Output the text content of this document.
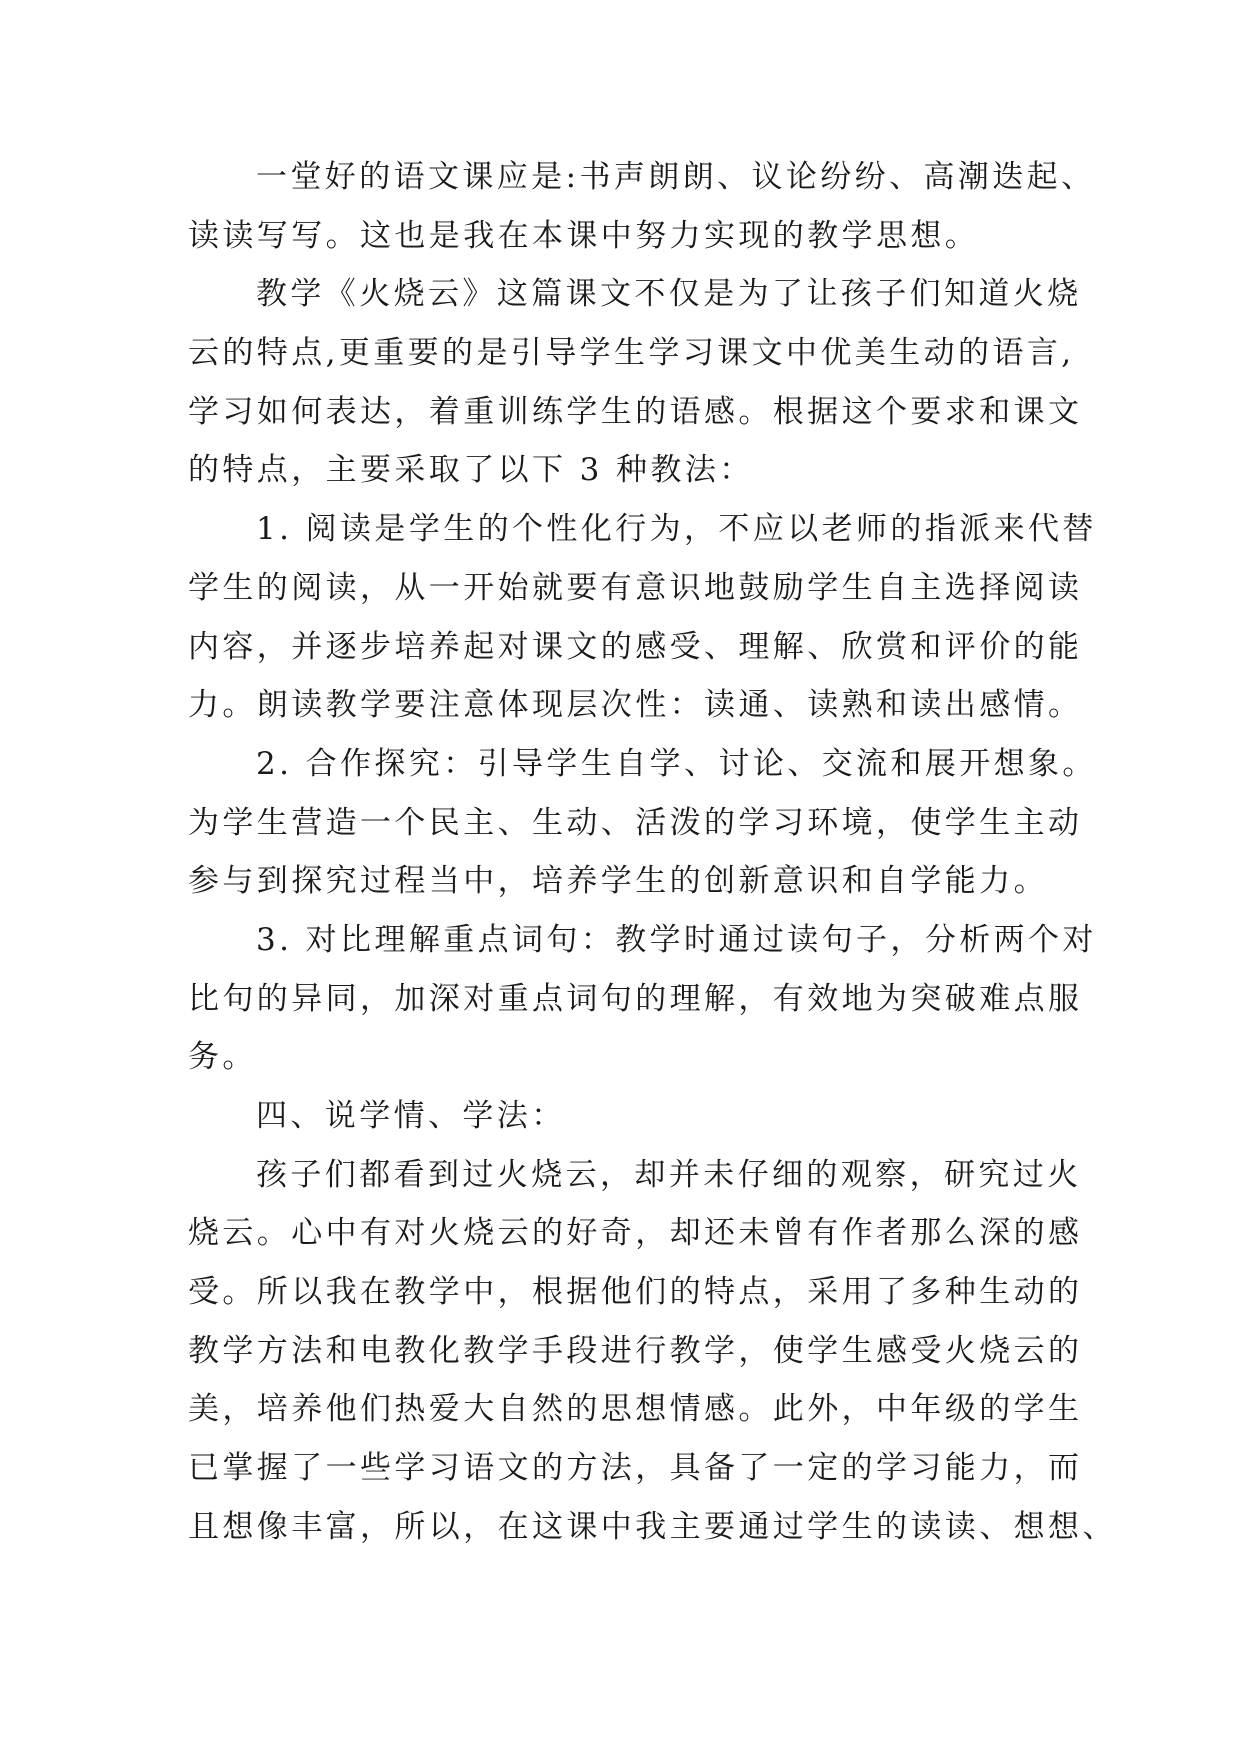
一堂好的语文课应是:书声朗朗、议论纷纷、高潮迭起、
读读写写。这也是我在本课中努力实现的教学思想。
教学《火烧云》这篇课文不仅是为了让孩子们知道火烧
云的特点,更重要的是引导学生学习课文中优美生动的语言,
学习如何表达，着重训练学生的语感。根据这个要求和课文
的特点，主要采取了以下 3 种教法：
1. 阅读是学生的个性化行为，不应以老师的指派来代替
学生的阅读，从一开始就要有意识地鼓励学生自主选择阅读
内容，并逐步培养起对课文的感受、理解、欣赏和评价的能
力。朗读教学要注意体现层次性：读通、读熟和读出感情。
2. 合作探究：引导学生自学、讨论、交流和展开想象。
为学生营造一个民主、生动、活泼的学习环境，使学生主动
参与到探究过程当中，培养学生的创新意识和自学能力。
3. 对比理解重点词句：教学时通过读句子，分析两个对
比句的异同，加深对重点词句的理解，有效地为突破难点服
务。
四、说学情、学法：
孩子们都看到过火烧云，却并未仔细的观察，研究过火
烧云。心中有对火烧云的好奇，却还未曾有作者那么深的感
受。所以我在教学中，根据他们的特点，采用了多种生动的
教学方法和电教化教学手段进行教学，使学生感受火烧云的
美，培养他们热爱大自然的思想情感。此外，中年级的学生
已掌握了一些学习语文的方法，具备了一定的学习能力，而
且想像丰富，所以，在这课中我主要通过学生的读读、想想、
